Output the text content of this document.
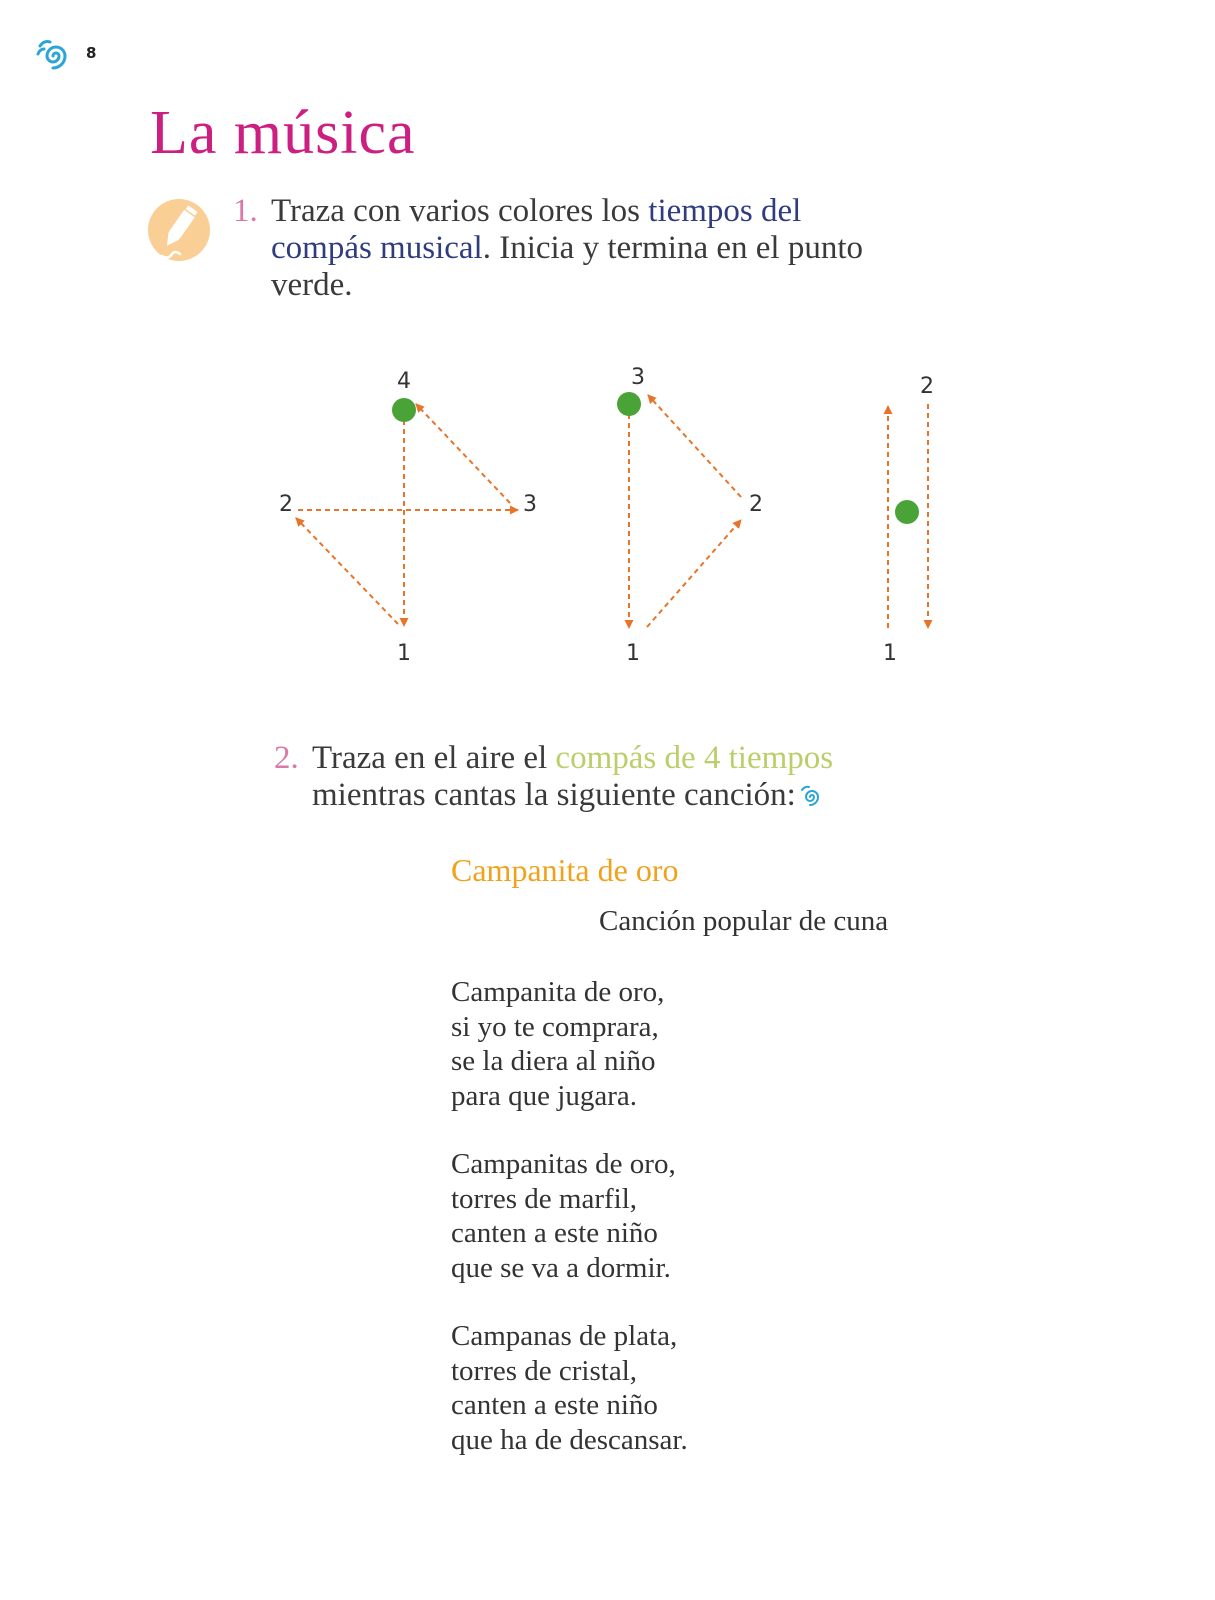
8
La música
1. Traza con varios colores los tiempos del compás musical. Inicia y termina en el punto verde.
4
2	3
1
3
2
1
2
1
2. Traza en el aire el compás de 4 tiempos
mientras cantas la siguiente canción:
Campanita de oro
Canción popular de cuna
Campanita de oro,
si yo te comprara,
se la diera al niño
para que jugara.
Campanitas de oro,
torres de marfil,
canten a este niño
que se va a dormir.
Campanas de plata,
torres de cristal,
canten a este niño
que ha de descansar.
